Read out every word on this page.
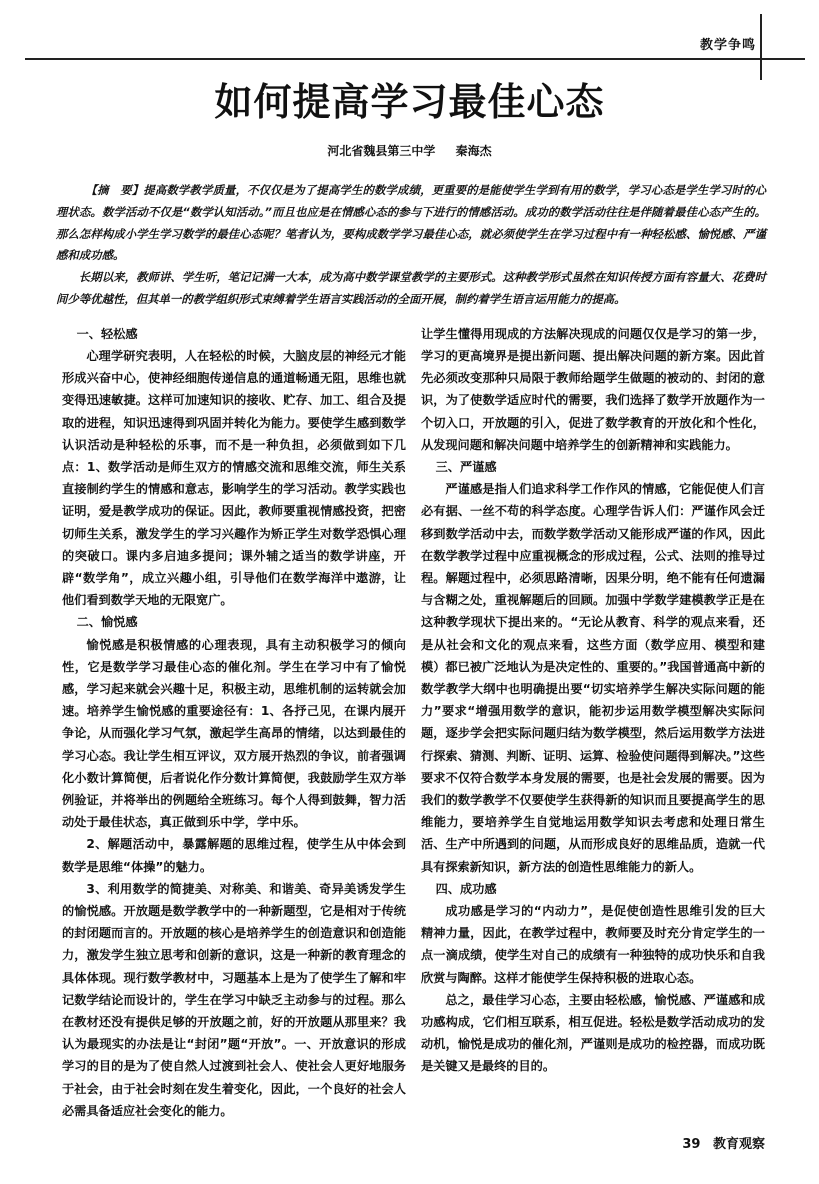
教学争鸣
如何提高学习最佳心态
河北省魏县第三中学 秦海杰

【摘　要】提高数学教学质量，不仅仅是为了提高学生的数学成绩，更重要的是能使学生学到有用的数学，学习心态是学生学习时的心理状态。数学活动不仅是“数学认知活动。”而且也应是在情感心态的参与下进行的情感活动。成功的数学活动往往是伴随着最佳心态产生的。那么怎样构成小学生学习数学的最佳心态呢？笔者认为，要构成数学学习最佳心态，就必须使学生在学习过程中有一种轻松感、愉悦感、严谨感和成功感。

长期以来，教师讲、学生听，笔记记满一大本，成为高中数学课堂教学的主要形式。这种教学形式虽然在知识传授方面有容量大、花费时间少等优越性，但其单一的教学组织形式束缚着学生语言实践活动的全面开展，制约着学生语言运用能力的提高。

一、轻松感

心理学研究表明，人在轻松的时候，大脑皮层的神经元才能形成兴奋中心，使神经细胞传递信息的通道畅通无阻，思维也就变得迅速敏捷。这样可加速知识的接收、贮存、加工、组合及提取的进程，知识迅速得到巩固并转化为能力。要使学生感到数学认识活动是种轻松的乐事，而不是一种负担，必须做到如下几点：1、数学活动是师生双方的情感交流和思维交流，师生关系直接制约学生的情感和意志，影响学生的学习活动。教学实践也证明，爱是教学成功的保证。因此，教师要重视情感投资，把密切师生关系，激发学生的学习兴趣作为矫正学生对数学恐惧心理的突破口。课内多启迪多提问；课外辅之适当的数学讲座，开辟“数学角”，成立兴趣小组，引导他们在数学海洋中遨游，让他们看到数学天地的无限宽广。

二、愉悦感

愉悦感是积极情感的心理表现，具有主动积极学习的倾向性，它是数学学习最佳心态的催化剂。学生在学习中有了愉悦感，学习起来就会兴趣十足，积极主动，思维机制的运转就会加速。培养学生愉悦感的重要途径有：1、各抒己见，在课内展开争论，从而强化学习气氛，激起学生高昂的情绪，以达到最佳的学习心态。我让学生相互评议，双方展开热烈的争议，前者强调化小数计算简便，后者说化作分数计算简便，我鼓励学生双方举例验证，并将举出的例题给全班练习。每个人得到鼓舞，智力活动处于最佳状态，真正做到乐中学，学中乐。

2、解题活动中，暴露解题的思维过程，使学生从中体会到数学是思维“体操”的魅力。

3、利用数学的简捷美、对称美、和谐美、奇异美诱发学生的愉悦感。开放题是数学教学中的一种新题型，它是相对于传统的封闭题而言的。开放题的核心是培养学生的创造意识和创造能力，激发学生独立思考和创新的意识，这是一种新的教育理念的具体体现。现行数学教材中，习题基本上是为了使学生了解和牢记数学结论而设计的，学生在学习中缺乏主动参与的过程。那么在教材还没有提供足够的开放题之前，好的开放题从那里来？我认为最现实的办法是让“封闭”题“开放”。一、开放意识的形成学习的目的是为了使自然人过渡到社会人、使社会人更好地服务于社会，由于社会时刻在发生着变化，因此，一个良好的社会人必需具备适应社会变化的能力。

让学生懂得用现成的方法解决现成的问题仅仅是学习的第一步，学习的更高境界是提出新问题、提出解决问题的新方案。因此首先必须改变那种只局限于教师给题学生做题的被动的、封闭的意识，为了使数学适应时代的需要，我们选择了数学开放题作为一个切入口，开放题的引入，促进了数学教育的开放化和个性化，从发现问题和解决问题中培养学生的创新精神和实践能力。

三、严谨感

严谨感是指人们追求科学工作作风的情感，它能促使人们言必有据、一丝不苟的科学态度。心理学告诉人们：严谨作风会迁移到数学活动中去，而数学数学活动又能形成严谨的作风，因此在数学教学过程中应重视概念的形成过程，公式、法则的推导过程。解题过程中，必须思路清晰，因果分明，绝不能有任何遗漏与含糊之处，重视解题后的回顾。加强中学数学建模教学正是在这种教学现状下提出来的。“无论从教育、科学的观点来看，还是从社会和文化的观点来看，这些方面（数学应用、模型和建模）都已被广泛地认为是决定性的、重要的。”我国普通高中新的数学教学大纲中也明确提出要“切实培养学生解决实际问题的能力”要求“增强用数学的意识，能初步运用数学模型解决实际问题，逐步学会把实际问题归结为数学模型，然后运用数学方法进行探索、猜测、判断、证明、运算、检验使问题得到解决。”这些要求不仅符合数学本身发展的需要，也是社会发展的需要。因为我们的数学教学不仅要使学生获得新的知识而且要提高学生的思维能力，要培养学生自觉地运用数学知识去考虑和处理日常生活、生产中所遇到的问题，从而形成良好的思维品质，造就一代具有探索新知识，新方法的创造性思维能力的新人。

四、成功感

成功感是学习的“内动力”，是促使创造性思维引发的巨大精神力量，因此，在教学过程中，教师要及时充分肯定学生的一点一滴成绩，使学生对自己的成绩有一种独特的成功快乐和自我欣赏与陶醉。这样才能使学生保持积极的进取心态。

总之，最佳学习心态，主要由轻松感，愉悦感、严谨感和成功感构成，它们相互联系，相互促进。轻松是数学活动成功的发动机，愉悦是成功的催化剂，严谨则是成功的检控器，而成功既是关键又是最终的目的。

39 教育观察
